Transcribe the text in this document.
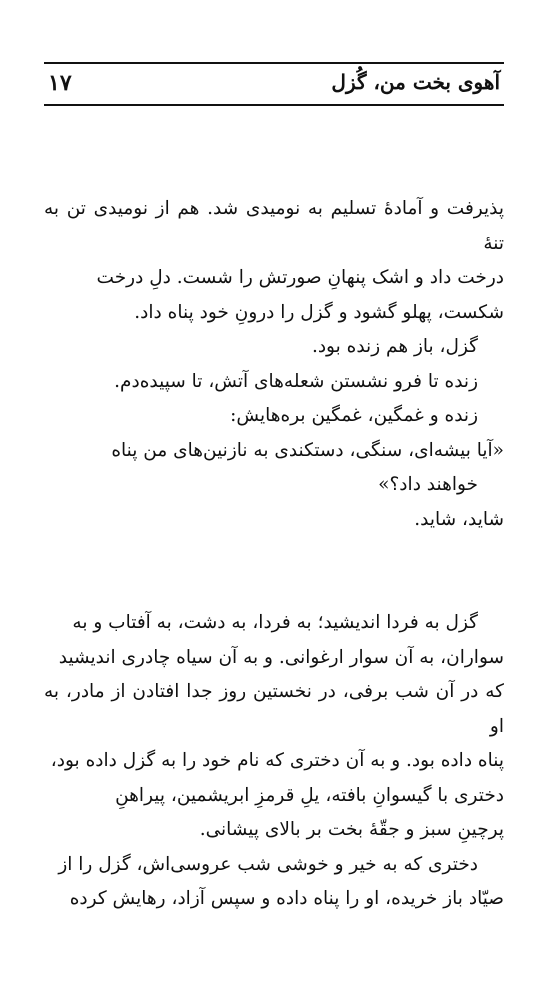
۱۷	آهوی بخت من، گُزل

پذیرفت و آمادهٔ تسلیم به نومیدی شد. هم از نومیدی تن به تنهٔ

درخت داد و اشک پنهانِ صورتش را شست. دلِ درخت

شکست، پهلو گشود و گزل را درونِ خود پناه داد.

گزل، باز هم زنده بود.

زنده تا فرو نشستن شعله‌های آتش، تا سپیده‌دم.

زنده و غمگین، غمگین بره‌هایش:

«آیا بیشه‌ای، سنگی، دستکندی به نازنین‌های من پناه

خواهند داد؟»

شاید، شاید.

گزل به فردا اندیشید؛ به فردا، به دشت، به آفتاب و به

سواران، به آن سوار ارغوانی. و به آن سیاه چادری اندیشید

که در آن شب برفی، در نخستین روز جدا افتادن از مادر، به او

پناه داده بود. و به آن دختری که نام خود را به گزل داده بود،

دختری با گیسوانِ بافته، یلِ قرمزِ ابریشمین، پیراهنِ

پرچینِ سبز و جقّهٔ بخت بر بالای پیشانی.

دختری که به خیر و خوشی شب عروسی‌اش، گزل را از

صیّاد باز خریده، او را پناه داده و سپس آزاد، رهایش کرده
